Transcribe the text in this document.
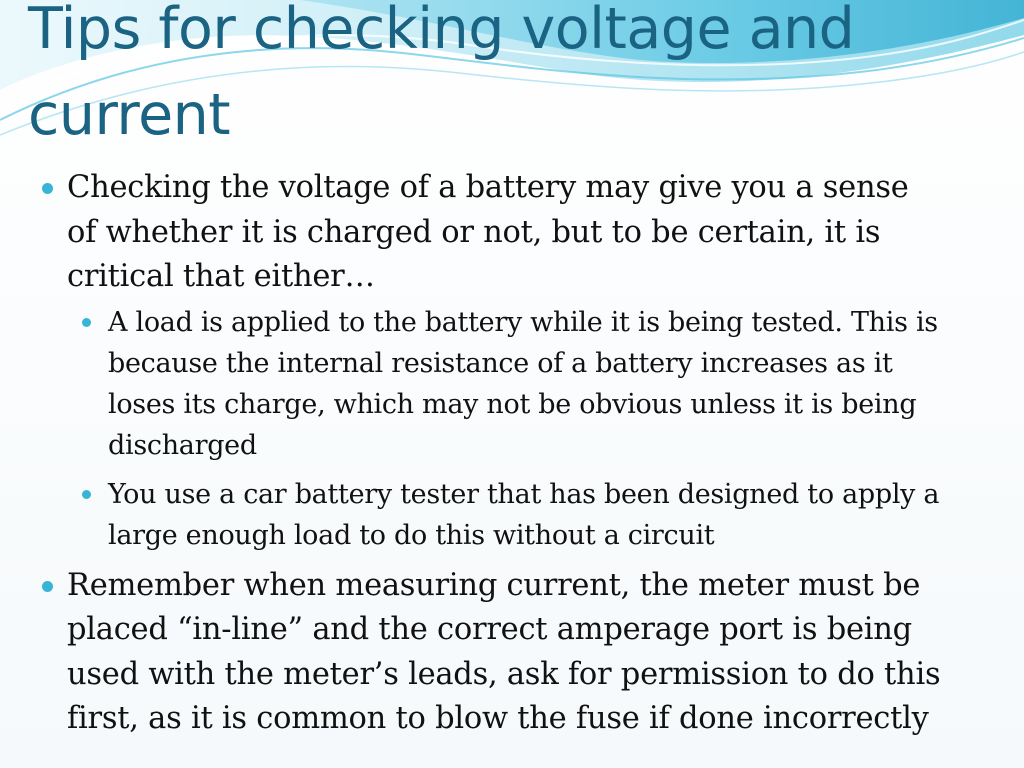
Tips for checking voltage and current
Checking the voltage of a battery may give you a sense of whether it is charged or not, but to be certain, it is critical that either…
A load is applied to the battery while it is being tested. This is because the internal resistance of a battery increases as it loses its charge, which may not be obvious unless it is being discharged
You use a car battery tester that has been designed to apply a large enough load to do this without a circuit
Remember when measuring current, the meter must be placed “in-line” and the correct amperage port is being used with the meter’s leads, ask for permission to do this first, as it is common to blow the fuse if done incorrectly
